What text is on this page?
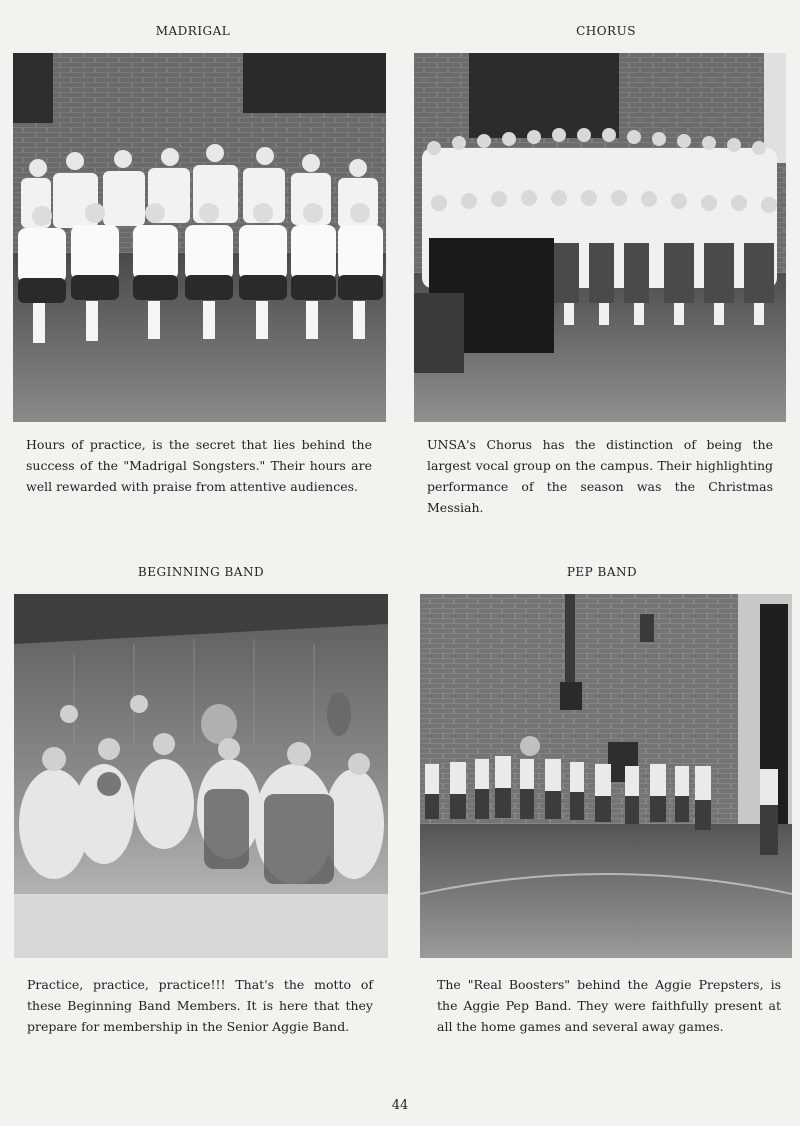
MADRIGAL
Hours of practice, is the secret that lies behind the success of the "Madrigal Songsters." Their hours are well rewarded with praise from attentive audiences.
CHORUS
UNSA's Chorus has the distinction of being the largest vocal group on the campus. Their highlighting performance of the season was the Christmas Messiah.
BEGINNING BAND
Practice, practice, practice!!! That's the motto of these Beginning Band Members. It is here that they prepare for membership in the Senior Aggie Band.
PEP BAND
The "Real Boosters" behind the Aggie Prepsters, is the Aggie Pep Band. They were faithfully present at all the home games and several away games.
44
